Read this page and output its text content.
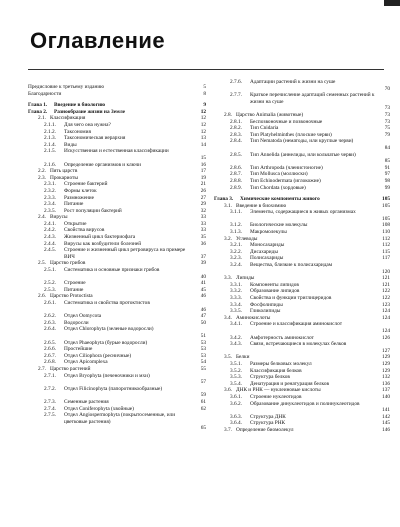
Оглавление
Предисловие к третьему изданию	5
Благодарности	8
Глава 1. Введение в биологию	9
Глава 2. Разнообразие жизни на Земле	12
2.1. Классификация	12
2.1.1. Для чего она нужна?	12
2.1.2. Таксономия	12
2.1.3. Таксономическая иерархия	13
2.1.4. Виды	14
2.1.5. Искусственная и естественная классификации
15
2.1.6. Определение организмов и ключи	16
2.2. Пять царств	17
2.3. Прокариоты	19
2.3.1. Строение бактерий	21
2.3.2. Формы клеток	26
2.3.3. Размножение	27
2.3.4. Питание	29
2.3.5. Рост популяции бактерий	32
2.4. Вирусы	33
2.4.1. Открытие	33
2.4.2. Свойства вирусов	33
2.4.3. Жизненный цикл бактериофага	35
2.4.4. Вирусы как возбудители болезней	36
2.4.5. Строение и жизненный цикл ретровируса на примере ВИЧ	37
2.5. Царство грибов	39
2.5.1. Систематика и основные признаки грибов
40
2.5.2. Строение	41
2.5.3. Питание	45
2.6. Царство Protoctista	46
2.6.1. Систематика и свойства протоктистов
46
2.6.2. Отдел Oomycota	47
2.6.3. Водоросли	50
2.6.4. Отдел Chlorophyta (зеленые водоросли)
51
2.6.5. Отдел Phaeophyta (бурые водоросли)	53
2.6.6. Простейшие	53
2.6.7. Отдел Ciliophora (ресничные)	53
2.6.8. Отдел Apicomplexa	54
2.7. Царство растений	55
2.7.1. Отдел Bryophyta (печеночники и мхи)
57
2.7.2. Отдел Filicinophyta (папоротникообразные)
59
2.7.3. Семенные растения	61
2.7.4. Отдел Coniferophyta (хвойные)	62
2.7.5. Отдел Angiospermophyta (покрытосеменные, или цветковые растения)
65
2.7.6. Адаптации растений к жизни на суше
70
2.7.7. Краткое перечисление адаптаций семенных растений к жизни на суше
73
2.8. Царство Animalia (животные)	73
2.8.1. Беспозвоночные и позвоночные	73
2.8.2. Тип Cnidaria	75
2.8.3. Тип Platyhelminthes (плоские черви)	79
2.8.4. Тип Nematoda (нематоды, или круглые черви)
84
2.8.5. Тип Annelida (аннелиды, или кольчатые черви)
85
2.8.6. Тип Arthropoda (членистоногие)	91
2.8.7. Тип Mollusca (моллюски)	97
2.8.8. Тип Echinodermata (иглокожие)	98
2.8.9. Тип Chordata (хордовые)	99
Глава 3. Химические компоненты живого	105
3.1. Введение в биохимию	105
3.1.1. Элементы, содержащиеся в живых организмах
105
3.1.2. Биологические молекулы	108
3.1.3. Макромолекулы	110
3.2. Углеводы	112
3.2.1. Моносахариды	112
3.2.2. Дисахариды	115
3.2.3. Полисахариды	117
3.2.4. Вещества, близкие к полисахаридам
120
3.3. Липиды	121
3.3.1. Компоненты липидов	121
3.3.2. Образование липидов	122
3.3.3. Свойства и функции триглицеридов	122
3.3.4. Фосфолипиды	123
3.3.5. Гликолипиды	124
3.4. Аминокислоты	124
3.4.1. Строение и классификация аминокислот
124
3.4.2. Амфотерность аминокислот	126
3.4.3. Связи, встречающиеся в молекулах белков
127
3.5. Белки	129
3.5.1. Размеры белковых молекул	129
3.5.2. Классификация белков	129
3.5.3. Структура белков	132
3.5.4. Денатурация и ренатурация белков	136
3.6. ДНК и РНК — нуклеиновые кислоты	137
3.6.1. Строение нуклеотидов	140
3.6.2. Образование динуклеотидов и полинуклеотидов
141
3.6.3. Структура ДНК	142
3.6.4. Структура РНК	145
3.7. Определение биомолекул	146
